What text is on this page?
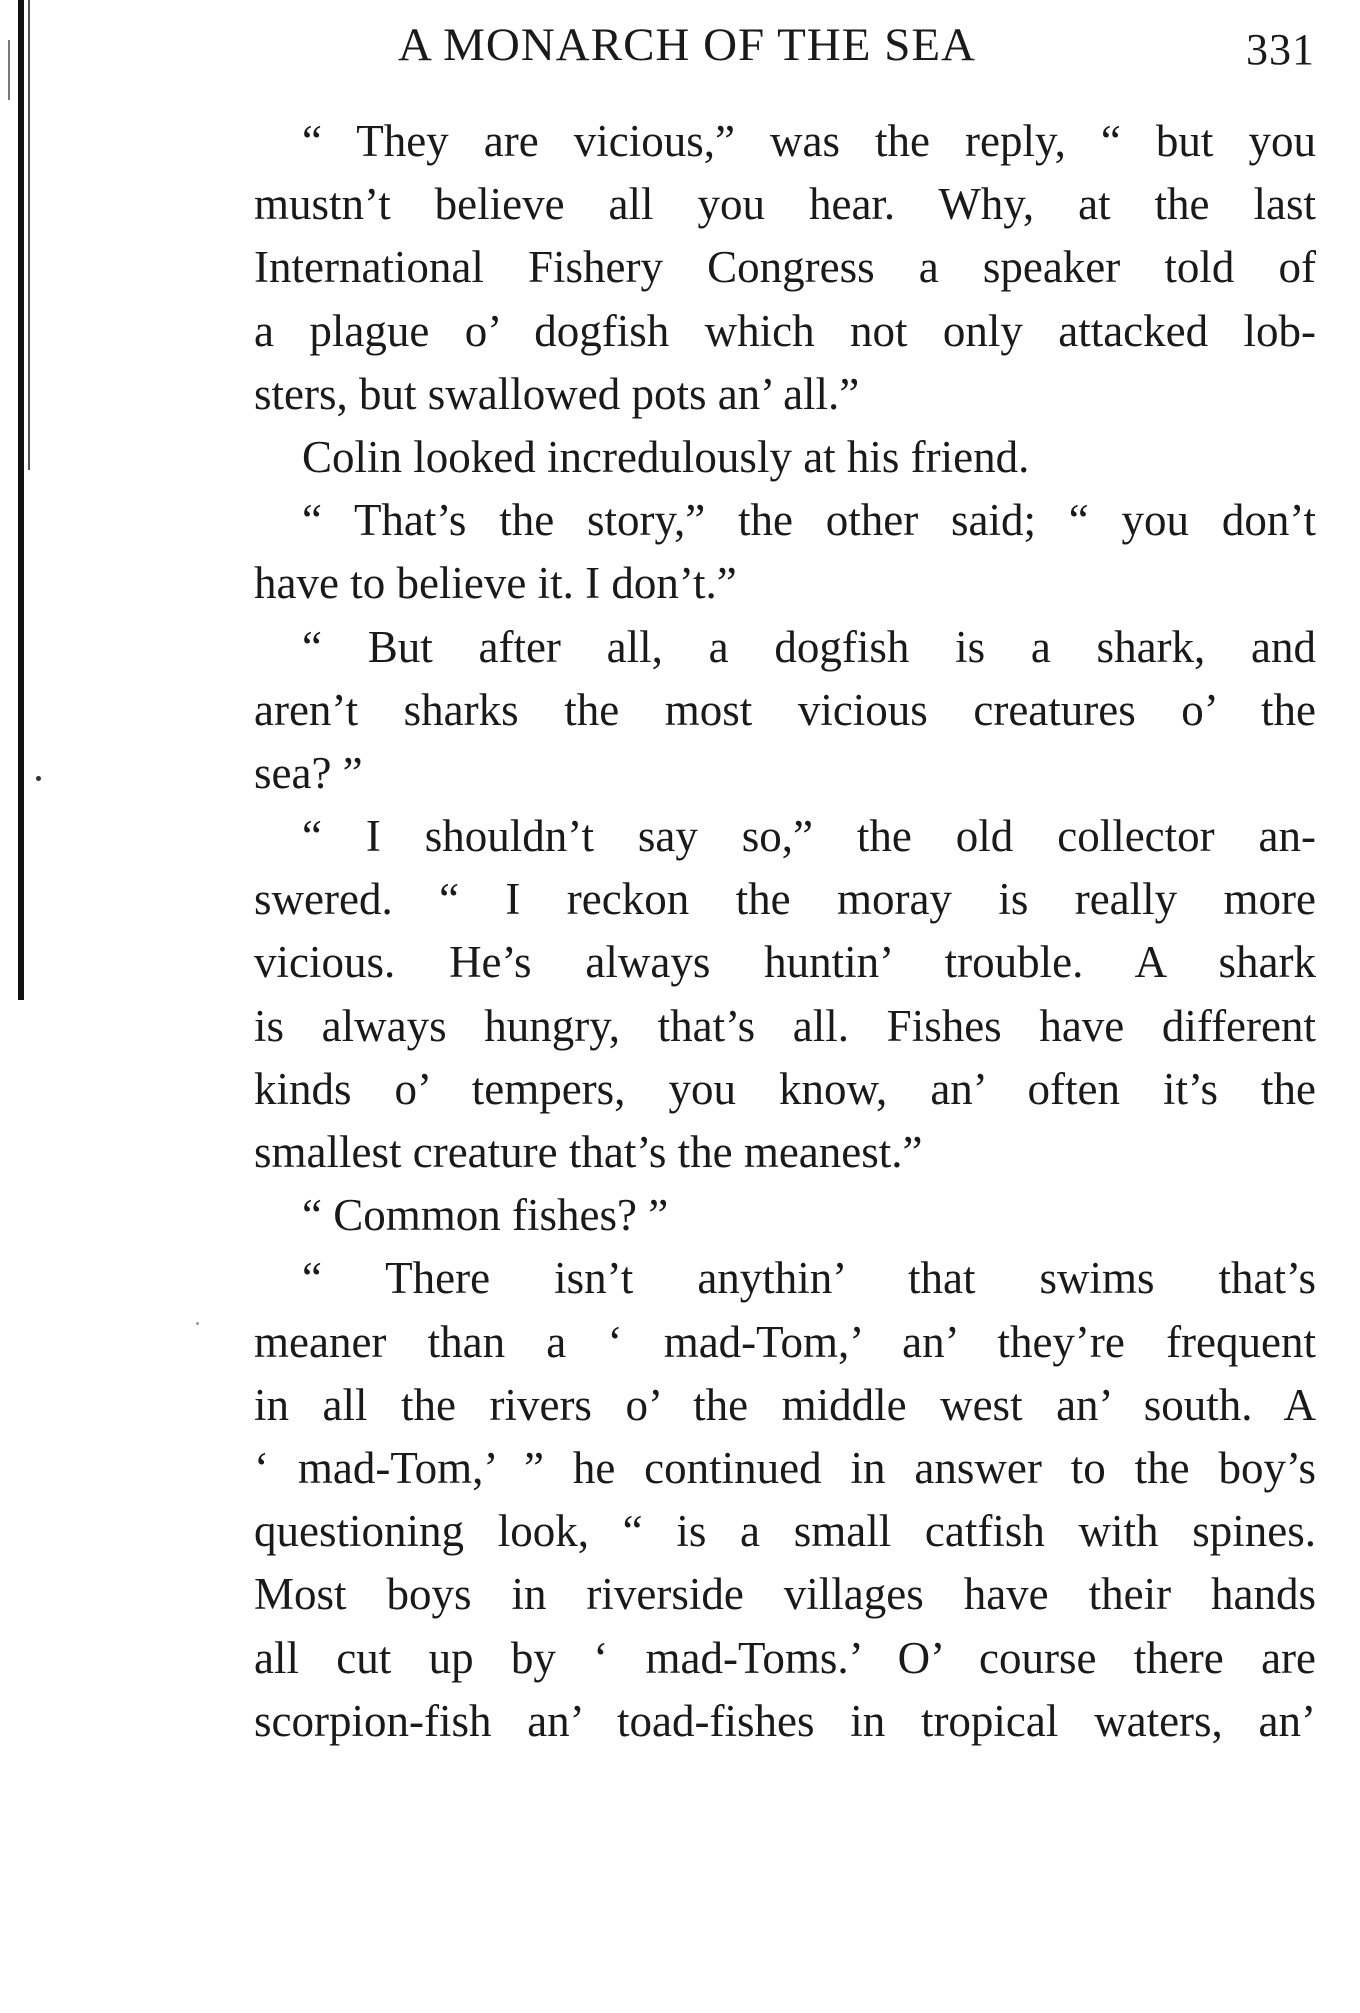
A MONARCH OF THE SEA	331
“ They are vicious,” was the reply, “ but you
mustn’t believe all you hear. Why, at the last
International Fishery Congress a speaker told of
a plague o’ dogfish which not only attacked lob-
sters, but swallowed pots an’ all.”
Colin looked incredulously at his friend.
“ That’s the story,” the other said; “ you don’t
have to believe it. I don’t.”
“ But after all, a dogfish is a shark, and
aren’t sharks the most vicious creatures o’ the
sea? ”
“ I shouldn’t say so,” the old collector an-
swered. “ I reckon the moray is really more
vicious. He’s always huntin’ trouble. A shark
is always hungry, that’s all. Fishes have different
kinds o’ tempers, you know, an’ often it’s the
smallest creature that’s the meanest.”
“ Common fishes? ”
“ There isn’t anythin’ that swims that’s
meaner than a ‘ mad-Tom,’ an’ they’re frequent
in all the rivers o’ the middle west an’ south. A
‘ mad-Tom,’ ” he continued in answer to the boy’s
questioning look, “ is a small catfish with spines.
Most boys in riverside villages have their hands
all cut up by ‘ mad-Toms.’ O’ course there are
scorpion-fish an’ toad-fishes in tropical waters, an’
